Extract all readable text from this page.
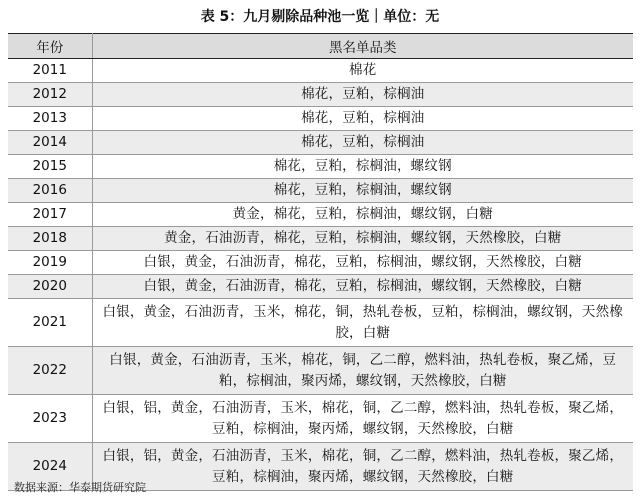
表 5：九月剔除品种池一览｜单位：无
年份	黑名单品类
2011	棉花
2012	棉花，豆粕，棕榈油
2013	棉花，豆粕，棕榈油
2014	棉花，豆粕，棕榈油
2015	棉花，豆粕，棕榈油，螺纹钢
2016	棉花，豆粕，棕榈油，螺纹钢
2017	黄金，棉花，豆粕，棕榈油，螺纹钢，白糖
2018	黄金，石油沥青，棉花，豆粕，棕榈油，螺纹钢，天然橡胶，白糖
2019	白银，黄金，石油沥青，棉花，豆粕，棕榈油，螺纹钢，天然橡胶，白糖
2020	白银，黄金，石油沥青，棉花，豆粕，棕榈油，螺纹钢，天然橡胶，白糖
2021	白银，黄金，石油沥青，玉米，棉花，铜，热轧卷板，豆粕，棕榈油，螺纹钢，天然橡胶，白糖
2022	白银，黄金，石油沥青，玉米，棉花，铜，乙二醇，燃料油，热轧卷板，聚乙烯，豆粕，棕榈油，聚丙烯，螺纹钢，天然橡胶，白糖
2023	白银，铝，黄金，石油沥青，玉米，棉花，铜，乙二醇，燃料油，热轧卷板，聚乙烯，豆粕，棕榈油，聚丙烯，螺纹钢，天然橡胶，白糖
2024	白银，铝，黄金，石油沥青，玉米，棉花，铜，乙二醇，燃料油，热轧卷板，聚乙烯，豆粕，棕榈油，聚丙烯，螺纹钢，天然橡胶，白糖
数据来源：华泰期货研究院
